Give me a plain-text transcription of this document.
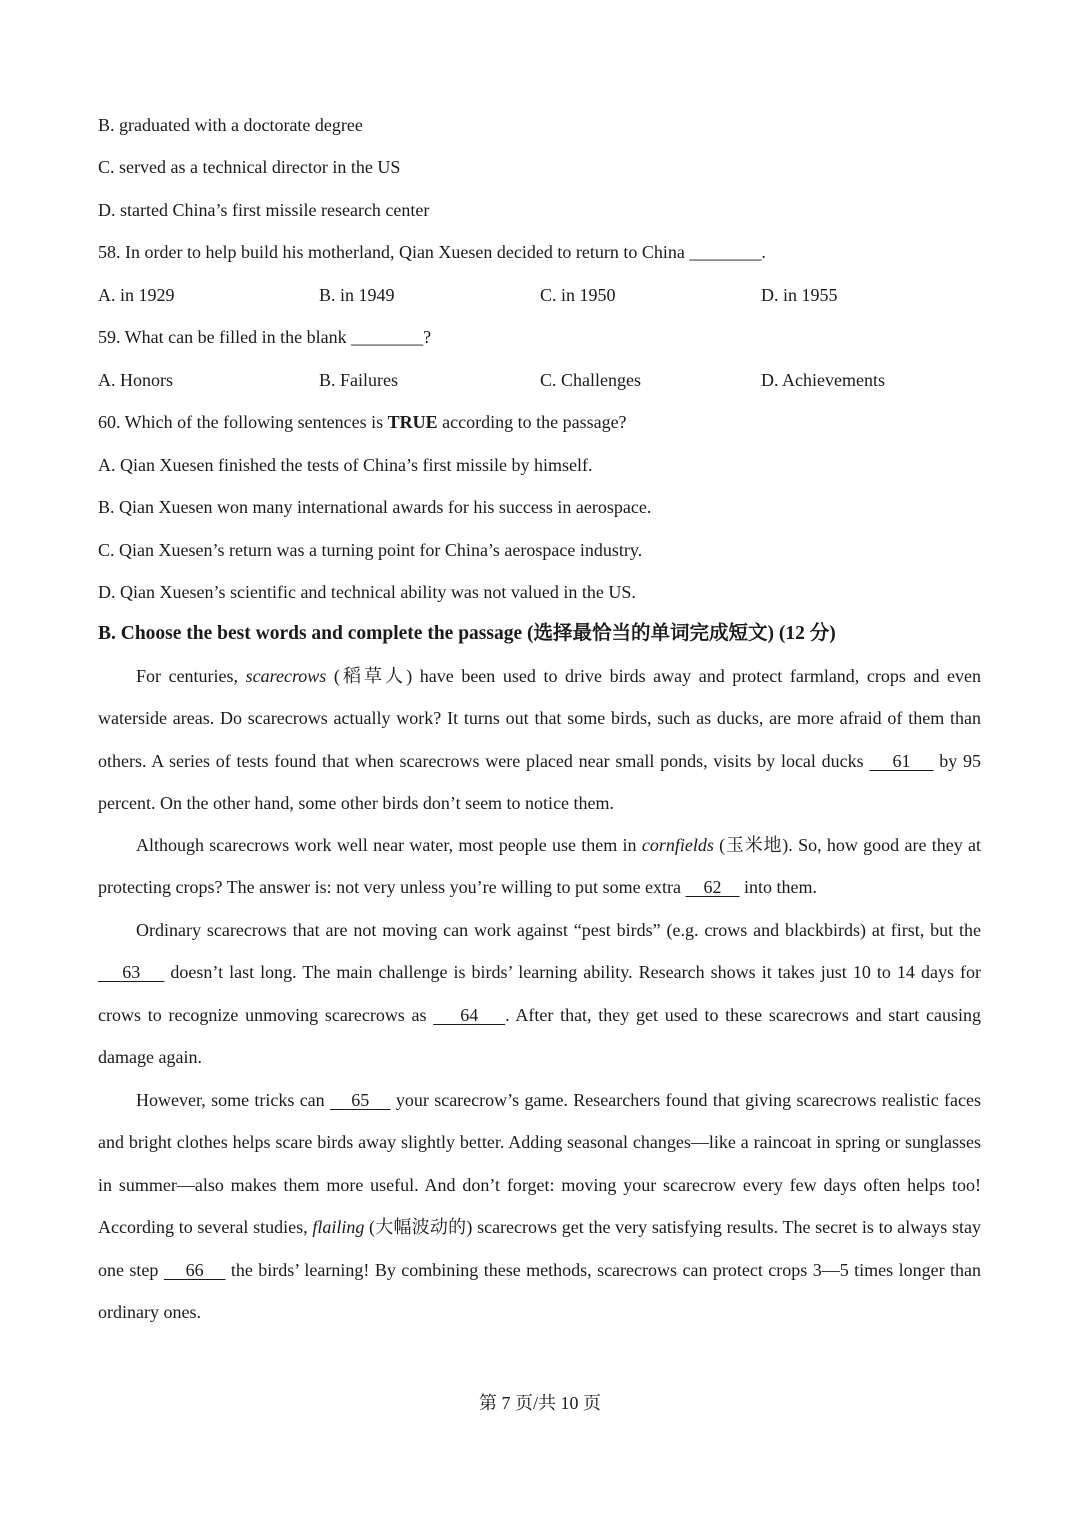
B. graduated with a doctorate degree
C. served as a technical director in the US
D. started China’s first missile research center
58. In order to help build his motherland, Qian Xuesen decided to return to China ________.
A. in 1929	B. in 1949	C. in 1950	D. in 1955
59. What can be filled in the blank ________?
A. Honors	B. Failures	C. Challenges	D. Achievements
60. Which of the following sentences is TRUE according to the passage?
A. Qian Xuesen finished the tests of China’s first missile by himself.
B. Qian Xuesen won many international awards for his success in aerospace.
C. Qian Xuesen’s return was a turning point for China’s aerospace industry.
D. Qian Xuesen’s scientific and technical ability was not valued in the US.
B. Choose the best words and complete the passage (选择最恰当的单词完成短文) (12 分)

For centuries, scarecrows (稻草人) have been used to drive birds away and protect farmland, crops and even waterside areas. Do scarecrows actually work? It turns out that some birds, such as ducks, are more afraid of them than others. A series of tests found that when scarecrows were placed near small ponds, visits by local ducks     61     by 95 percent. On the other hand, some other birds don’t seem to notice them.

Although scarecrows work well near water, most people use them in cornfields (玉米地). So, how good are they at protecting crops? The answer is: not very unless you’re willing to put some extra     62     into them.

Ordinary scarecrows that are not moving can work against “pest birds” (e.g. crows and blackbirds) at first, but the     63     doesn’t last long. The main challenge is birds’ learning ability. Research shows it takes just 10 to 14 days for crows to recognize unmoving scarecrows as     64 . After that, they get used to these scarecrows and start causing damage again.

However, some tricks can     65     your scarecrow’s game. Researchers found that giving scarecrows realistic faces and bright clothes helps scare birds away slightly better. Adding seasonal changes—like a raincoat in spring or sunglasses in summer—also makes them more useful. And don’t forget: moving your scarecrow every few days often helps too! According to several studies, flailing (大幅波动的) scarecrows get the very satisfying results. The secret is to always stay one step     66     the birds’ learning! By combining these methods, scarecrows can protect crops 3—5 times longer than ordinary ones.

第 7 页/共 10 页
